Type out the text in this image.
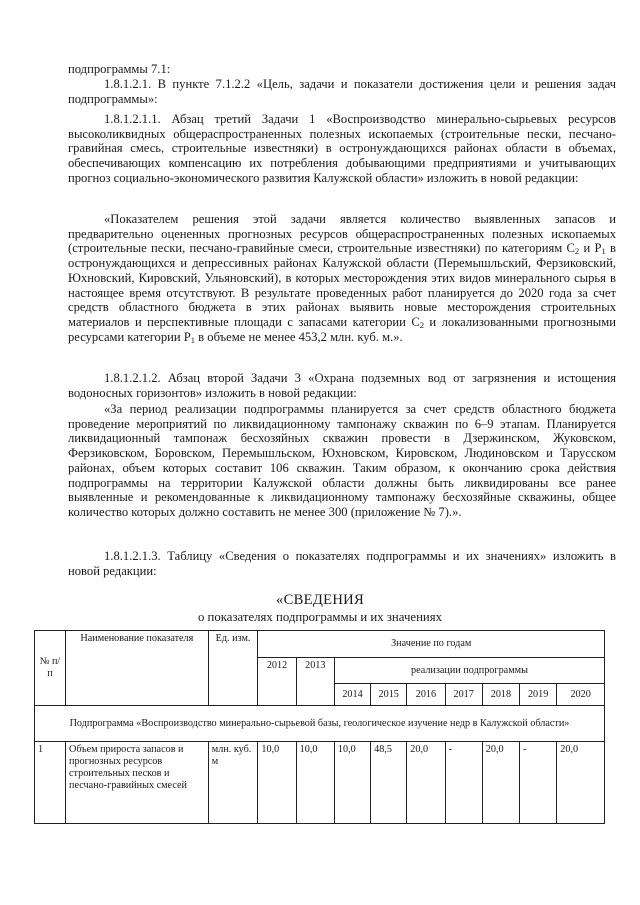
подпрограммы 7.1:

1.8.1.2.1. В пункте 7.1.2.2 «Цель, задачи и показатели достижения цели и решения задач подпрограммы»:

1.8.1.2.1.1. Абзац третий Задачи 1 «Воспроизводство минерально-сырьевых ресурсов высоколиквидных общераспространенных полезных ископаемых (строительные пески, песчано-гравийная смесь, строительные известняки) в остронуждающихся районах области в объемах, обеспечивающих компенсацию их потребления добывающими предприятиями и учитывающих прогноз социально-экономического развития Калужской области» изложить в новой редакции:

«Показателем решения этой задачи является количество выявленных запасов и предварительно оцененных прогнозных ресурсов общераспространенных полезных ископаемых (строительные пески, песчано-гравийные смеси, строительные известняки) по категориям $C_2$ и $P_1$ в остронуждающихся и депрессивных районах Калужской области (Перемышльский, Ферзиковский, Юхновский, Кировский, Ульяновский), в которых месторождения этих видов минерального сырья в настоящее время отсутствуют. В результате проведенных работ планируется до 2020 года за счет средств областного бюджета в этих районах выявить новые месторождения строительных материалов и перспективные площади с запасами категории $C_2$ и локализованными прогнозными ресурсами категории $P_1$ в объеме не менее 453,2 млн. куб. м.».

1.8.1.2.1.2. Абзац второй Задачи 3 «Охрана подземных вод от загрязнения и истощения водоносных горизонтов» изложить в новой редакции:

«За период реализации подпрограммы планируется за счет средств областного бюджета проведение мероприятий по ликвидационному тампонажу скважин по 6–9 этапам. Планируется ликвидационный тампонаж бесхозяйных скважин провести в Дзержинском, Жуковском, Ферзиковском, Боровском, Перемышльском, Юхновском, Кировском, Людиновском и Тарусском районах, объем которых составит 106 скважин. Таким образом, к окончанию срока действия подпрограммы на территории Калужской области должны быть ликвидированы все ранее выявленные и рекомендованные к ликвидационному тампонажу бесхозяйные скважины, общее количество которых должно составить не менее 300 (приложение № 7).».

1.8.1.2.1.3. Таблицу «Сведения о показателях подпрограммы и их значениях» изложить в новой редакции:

«СВЕДЕНИЯ
о показателях подпрограммы и их значениях
№ п/п	Наименование показателя	Ед. изм.	Значение по годам								
			2012	2013	реализации подпрограммы						
					2014	2015	2016	2017	2018	2019	2020
Подпрограмма «Воспроизводство минерально-сырьевой базы, геологическое изучение недр в Калужской области»											
1	Объем прироста запасов и прогнозных ресурсов строительных песков и песчано-гравийных смесей	млн. куб. м	10,0	10,0	10,0	48,5	20,0	-	20,0	-	20,0
